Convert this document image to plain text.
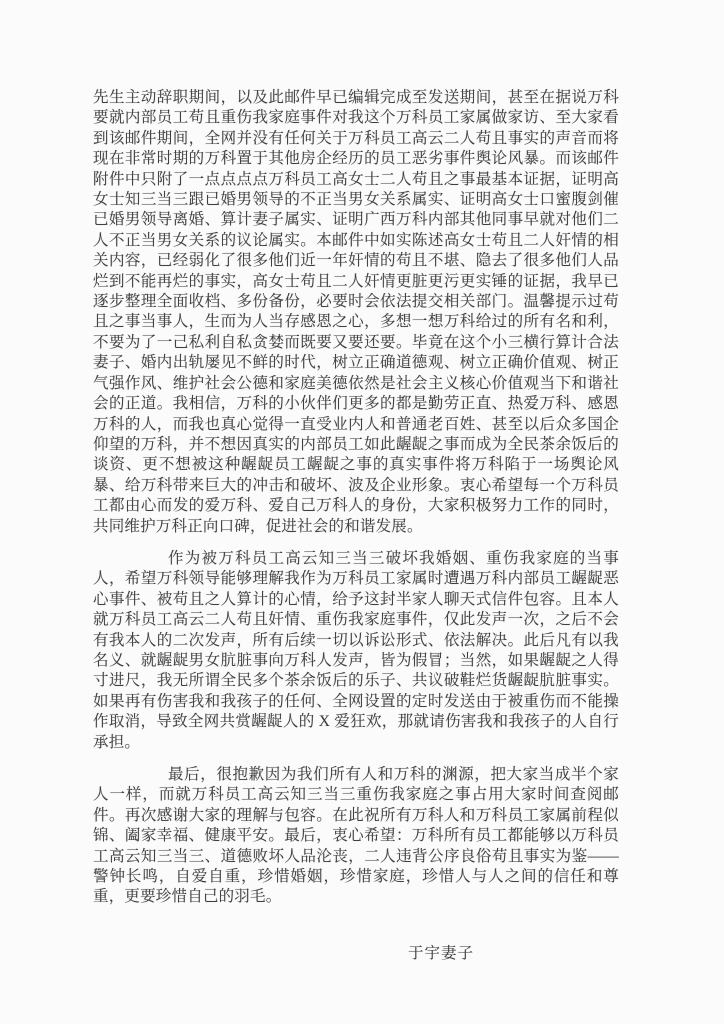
先生主动辞职期间，以及此邮件早已编辑完成至发送期间，甚至在据说万科要就内部员工苟且重伤我家庭事件对我这个万科员工家属做家访、至大家看到该邮件期间，全网并没有任何关于万科员工高云二人苟且事实的声音而将现在非常时期的万科置于其他房企经历的员工恶劣事件舆论风暴。而该邮件附件中只附了一点点点点万科员工高女士二人苟且之事最基本证据，证明高女士知三当三跟已婚男领导的不正当男女关系属实、证明高女士口蜜腹剑催已婚男领导离婚、算计妻子属实、证明广西万科内部其他同事早就对他们二人不正当男女关系的议论属实。本邮件中如实陈述高女士苟且二人奸情的相关内容，已经弱化了很多他们近一年奸情的苟且不堪、隐去了很多他们人品烂到不能再烂的事实，高女士苟且二人奸情更脏更污更实锤的证据，我早已逐步整理全面收档、多份备份，必要时会依法提交相关部门。温馨提示过苟且之事当事人，生而为人当存感恩之心，多想一想万科给过的所有名和利，不要为了一己私利自私贪婪而既要又要还要。毕竟在这个小三横行算计合法妻子、婚内出轨屡见不鲜的时代，树立正确道德观、树立正确价值观、树正气强作风、维护社会公德和家庭美德依然是社会主义核心价值观当下和谐社会的正道。我相信，万科的小伙伴们更多的都是勤劳正直、热爱万科、感恩万科的人，而我也真心觉得一直受业内人和普通老百姓、甚至以后众多国企仰望的万科，并不想因真实的内部员工如此龌龊之事而成为全民茶余饭后的谈资、更不想被这种龌龊员工龌龊之事的真实事件将万科陷于一场舆论风暴、给万科带来巨大的冲击和破坏、波及企业形象。衷心希望每一个万科员工都由心而发的爱万科、爱自己万科人的身份，大家积极努力工作的同时，共同维护万科正向口碑，促进社会的和谐发展。

作为被万科员工高云知三当三破坏我婚姻、重伤我家庭的当事人，希望万科领导能够理解我作为万科员工家属时遭遇万科内部员工龌龊恶心事件、被苟且之人算计的心情，给予这封半家人聊天式信件包容。且本人就万科员工高云二人苟且奸情、重伤我家庭事件，仅此发声一次，之后不会有我本人的二次发声，所有后续一切以诉讼形式、依法解决。此后凡有以我名义、就龌龊男女肮脏事向万科人发声，皆为假冒；当然，如果龌龊之人得寸进尺，我无所谓全民多个茶余饭后的乐子、共议破鞋烂货龌龊肮脏事实。如果再有伤害我和我孩子的任何、全网设置的定时发送由于被重伤而不能操作取消，导致全网共赏龌龊人的 X 爱狂欢，那就请伤害我和我孩子的人自行承担。

最后，很抱歉因为我们所有人和万科的渊源，把大家当成半个家人一样，而就万科员工高云知三当三重伤我家庭之事占用大家时间查阅邮件。再次感谢大家的理解与包容。在此祝所有万科人和万科员工家属前程似锦、阖家幸福、健康平安。最后，衷心希望：万科所有员工都能够以万科员工高云知三当三、道德败坏人品沦丧，二人违背公序良俗苟且事实为鉴——警钟长鸣，自爱自重，珍惜婚姻，珍惜家庭，珍惜人与人之间的信任和尊重，更要珍惜自己的羽毛。

于宇妻子
